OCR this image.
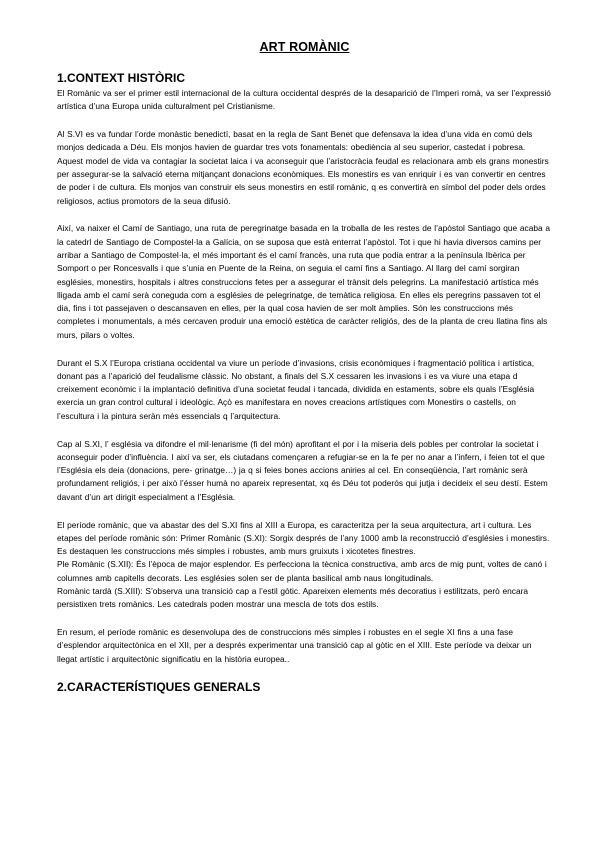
ART ROMÀNIC
1.CONTEXT HISTÒRIC

El Romànic va ser el primer estil internacional de la cultura occidental després de la desaparició de l’Imperi romà, va ser l’expressió artística d’una Europa unida culturalment pel Cristianisme.

Al S.VI es va fundar l’orde monàstic benedictí, basat en la regla de Sant Benet que defensava la idea d’una vida en comú dels monjos dedicada a Déu. Els monjos havien de guardar tres vots fonamentals: obediència al seu superior, castedat i pobresa. Aquest model de vida va contagiar la societat laica i va aconseguir que l’aristocràcia feudal es relacionara amb els grans monestirs per assegurar-se la salvació eterna mitjançant donacions econòmiques. Els monestirs es van enriquir i es van convertir en centres de poder i de cultura. Els monjos van construir els seus monestirs en estil romànic, q es convertirà en símbol del poder dels ordes religiosos, actius promotors de la seua difusió.

Així, va naixer el Camí de Santiago, una ruta de peregrinatge basada en la troballa de les restes de l’apòstol Santiago que acaba a la catedrl de Santiago de Compostel·la a Galícia, on se suposa que està enterrat l’apòstol. Tot i que hi havia diversos camins per arribar a Santiago de Compostel·la, el més important és el camí francès, una ruta que podia entrar a la península Ibèrica per Somport o per Roncesvalls i que s’unia en Puente de la Reina, on seguia el camí fins a Santiago. Al llarg del camí sorgiran esglésies, monestirs, hospitals i altres construccions fetes per a assegurar el trànsit dels pelegrins. La manifestació artística més lligada amb el camí serà coneguda com a esglésies de pelegrinatge, de temàtica religiosa. En elles els peregrins passaven tot el dia, fins i tot passejaven o descansaven en elles, per la qual cosa havien de ser molt àmplies. Són les construccions més completes i monumentals, a més cercaven produir una emoció estètica de caràcter religiós, des de la planta de creu llatina fins als murs, pilars o voltes.

Durant el S.X l’Europa cristiana occidental va viure un període d’invasions, crisis econòmiques i fragmentació política i artística, donant pas a l’aparició del feudalisme clàssic. No obstant, a finals del S.X cessaren les invasions i es va viure una etapa d creixement econòmic i la implantació definitiva d’una societat feudal i tancada, dividida en estaments, sobre els quals l’Església exercia un gran control cultural i ideològic. Açò es manifestara en noves creacions artístiques com Monestirs o castells, on l’escultura i la pintura seràn més essencials q l’arquitectura.

Cap al S.XI, l’ església va difondre el mil·lenarisme (fi del món) aprofitant el por i la miseria dels pobles per controlar la societat i aconseguir poder d’influència. I així va ser, els ciutadans començaren a refugiar-se en la fe per no anar a l’infern, i feien tot el que l’Església els deia (donacions, pere- grinatge…) ja q si feies bones accions aniries al cel. En conseqüència, l’art romànic serà profundament religiós, i per això l’ésser humà no apareix representat, xq és Déu tot poderós qui jutja i decideix el seu destí. Estem davant d’un art dirigit especialment a l’Església.

El període romànic, que va abastar des del S.XI fins al XIII a Europa, es caracteritza per la seua arquitectura, art i cultura. Les etapes del període romànic són: Primer Romànic (S.XI): Sorgix després de l’any 1000 amb la reconstrucció d’esglésies i monestirs. Es destaquen les construccions més simples i robustes, amb murs gruixuts i xicotetes finestres.

Ple Romànic (S.XII): És l’època de major esplendor. Es perfecciona la tècnica constructiva, amb arcs de mig punt, voltes de canó i columnes amb capitells decorats. Les esglésies solen ser de planta basilical amb naus longitudinals.

Romànic tardà (S.XIII): S’observa una transició cap a l’estil gòtic. Apareixen elements més decoratius i estilitzats, però encara persistixen trets romànics. Les catedrals poden mostrar una mescla de tots dos estils.

En resum, el període romànic es desenvolupa des de construccions més simples i robustes en el segle XI fins a una fase d’esplendor arquitectònica en el XII, per a després experimentar una transició cap al gòtic en el XIII. Este període va deixar un llegat artístic i arquitectònic significatiu en la història europea..

2.CARACTERÍSTIQUES GENERALS
